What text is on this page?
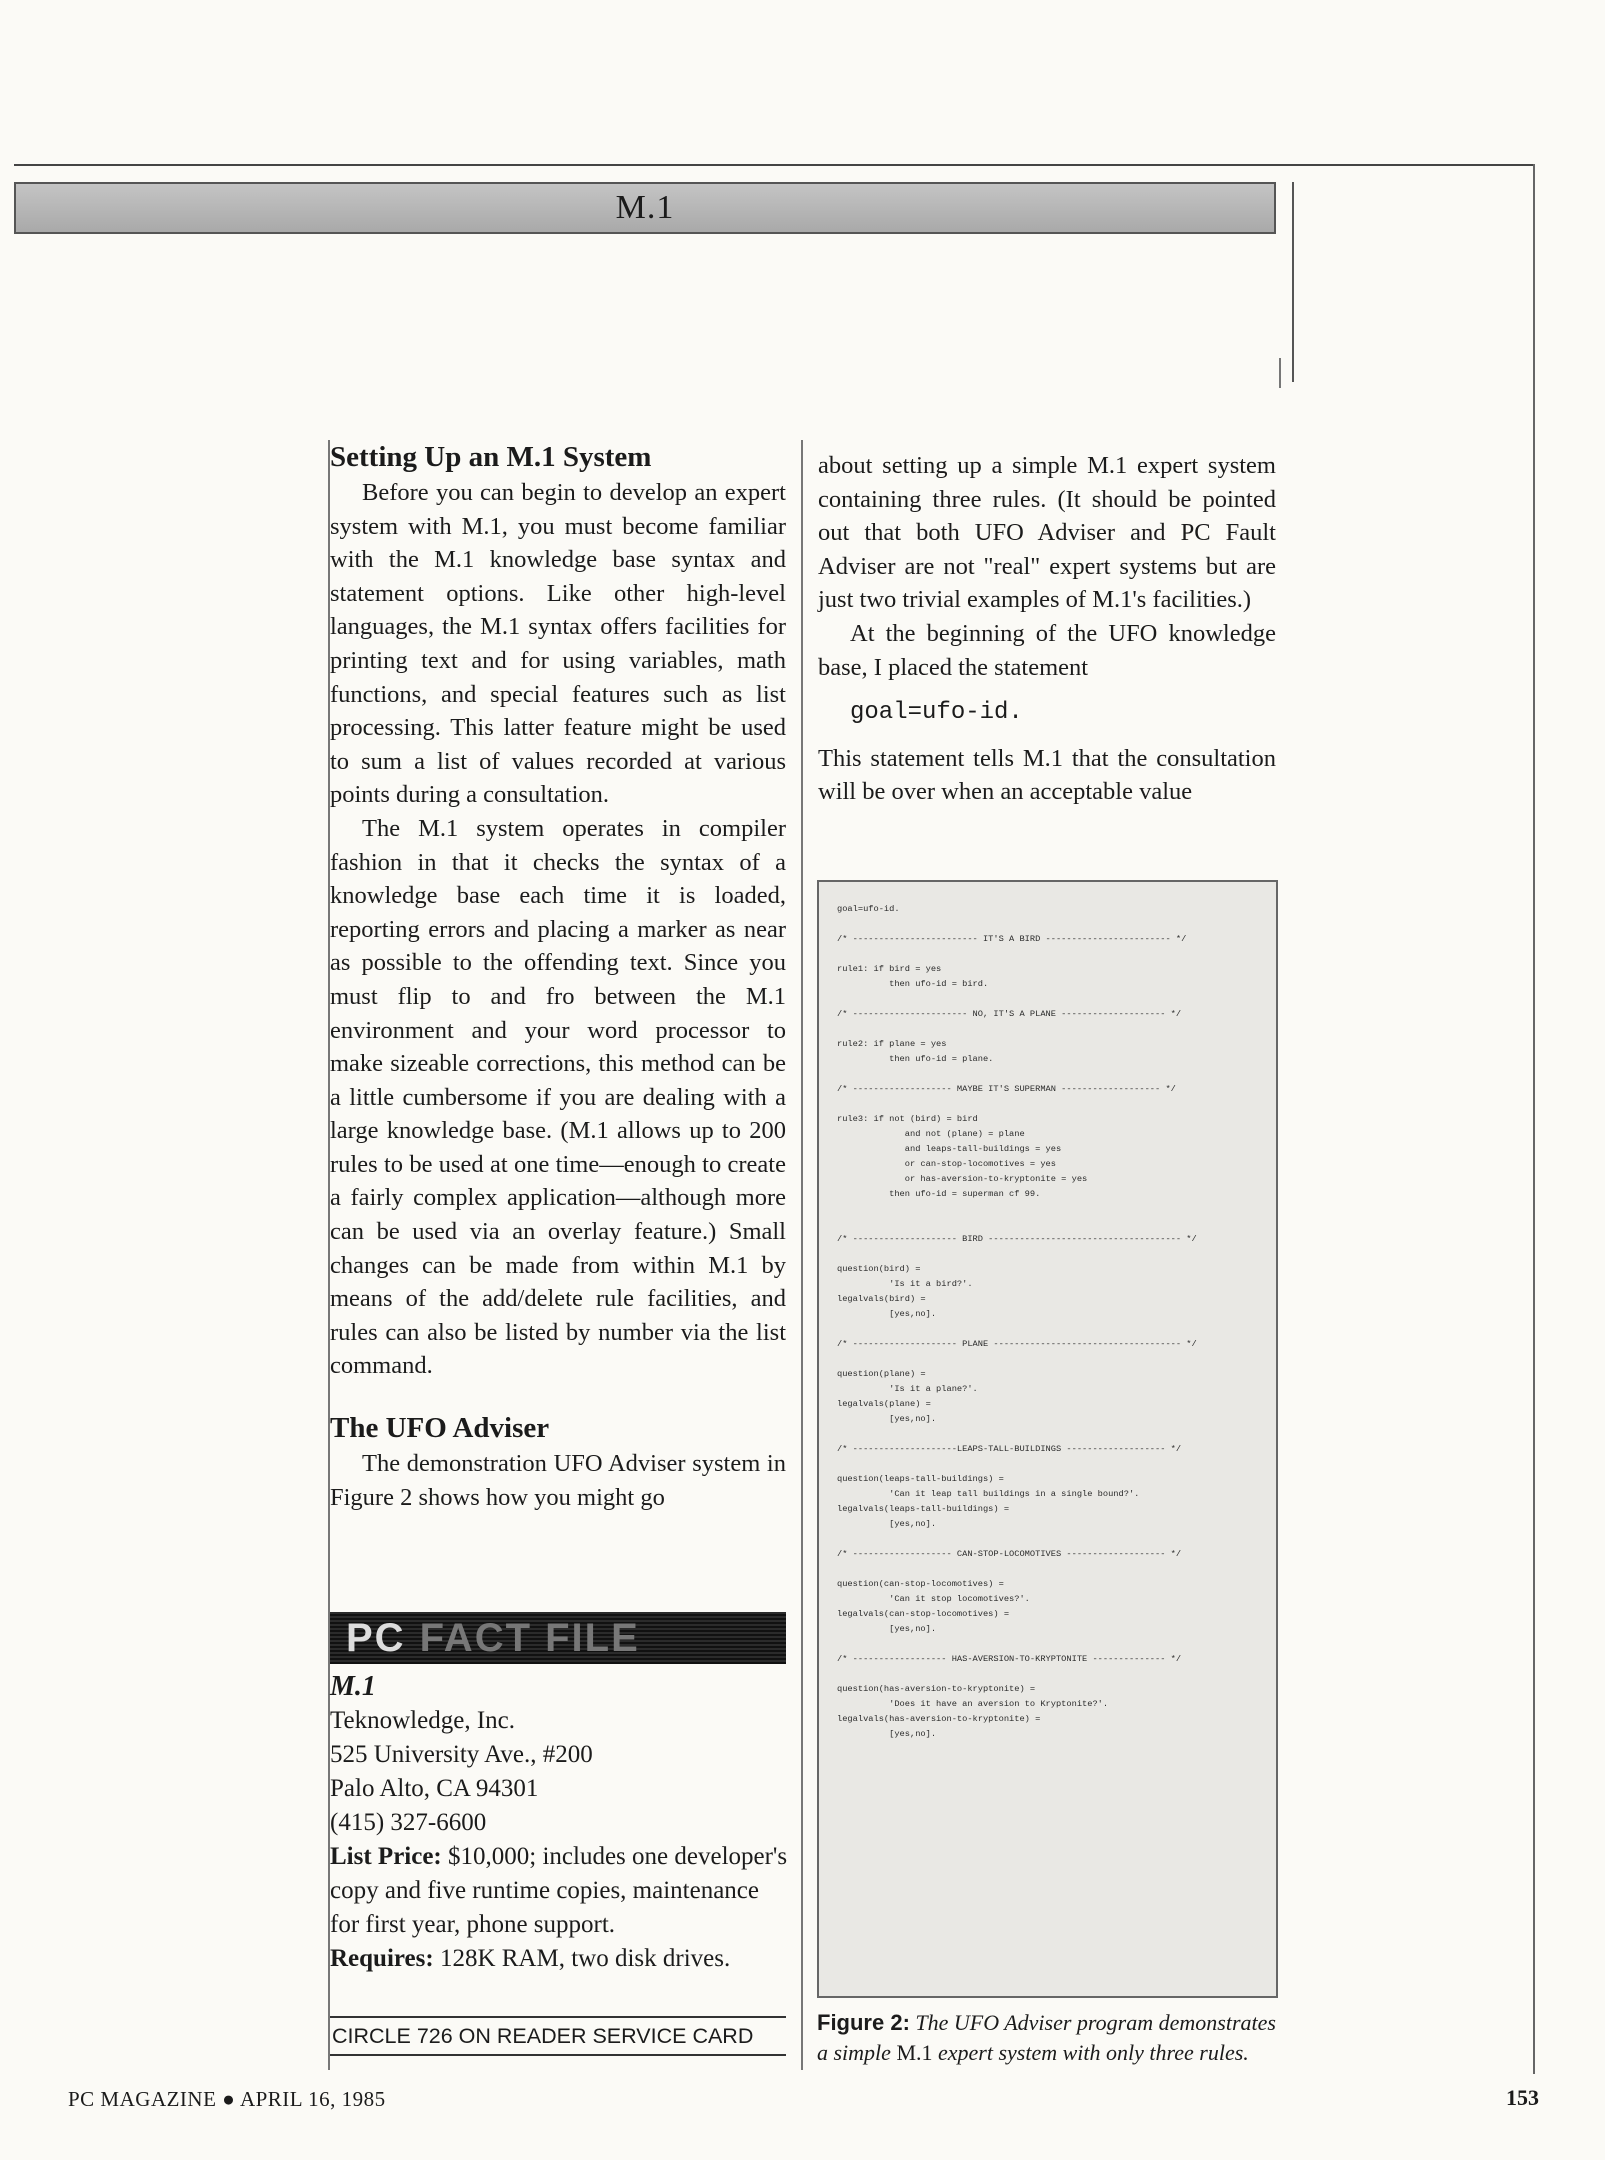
M.1
Setting Up an M.1 System

Before you can begin to develop an expert system with M.1, you must become familiar with the M.1 knowledge base syntax and statement options. Like other high-level languages, the M.1 syntax offers facilities for printing text and for using variables, math functions, and special features such as list processing. This latter feature might be used to sum a list of values recorded at various points during a consultation.

The M.1 system operates in compiler fashion in that it checks the syntax of a knowledge base each time it is loaded, reporting errors and placing a marker as near as possible to the offending text. Since you must flip to and fro between the M.1 environment and your word processor to make sizeable corrections, this method can be a little cumbersome if you are dealing with a large knowledge base. (M.1 allows up to 200 rules to be used at one time—enough to create a fairly complex application—although more can be used via an overlay feature.) Small changes can be made from within M.1 by means of the add/delete rule facilities, and rules can also be listed by number via the list command.

The UFO Adviser

The demonstration UFO Adviser system in Figure 2 shows how you might go

about setting up a simple M.1 expert system containing three rules. (It should be pointed out that both UFO Adviser and PC Fault Adviser are not "real" expert systems but are just two trivial examples of M.1's facilities.)

At the beginning of the UFO knowledge base, I placed the statement

goal=ufo-id.

This statement tells M.1 that the consultation will be over when an acceptable value

PC FACT FILE
M.1
Teknowledge, Inc.
525 University Ave., #200
Palo Alto, CA 94301
(415) 327-6600
List Price: $10,000; includes one developer's copy and five runtime copies, maintenance for first year, phone support.
Requires: 128K RAM, two disk drives.
CIRCLE 726 ON READER SERVICE CARD
goal=ufo-id.

/* ------------------------ IT'S A BIRD ------------------------ */

rule1: if bird = yes
then ufo-id = bird.

/* ---------------------- NO, IT'S A PLANE -------------------- */

rule2: if plane = yes
then ufo-id = plane.

/* ------------------- MAYBE IT'S SUPERMAN ------------------- */

rule3: if not (bird) = bird
and not (plane) = plane
and leaps-tall-buildings = yes
or can-stop-locomotives = yes
or has-aversion-to-kryptonite = yes
then ufo-id = superman cf 99.

/* -------------------- BIRD ------------------------------------- */

question(bird) =
'Is it a bird?'.
legalvals(bird) =
[yes,no].

/* -------------------- PLANE ------------------------------------ */

question(plane) =
'Is it a plane?'.
legalvals(plane) =
[yes,no].

/* --------------------LEAPS-TALL-BUILDINGS ------------------- */

question(leaps-tall-buildings) =
'Can it leap tall buildings in a single bound?'.
legalvals(leaps-tall-buildings) =
[yes,no].

/* ------------------- CAN-STOP-LOCOMOTIVES ------------------- */

question(can-stop-locomotives) =
'Can it stop locomotives?'.
legalvals(can-stop-locomotives) =
[yes,no].

/* ------------------ HAS-AVERSION-TO-KRYPTONITE -------------- */

question(has-aversion-to-kryptonite) =
'Does it have an aversion to Kryptonite?'.
legalvals(has-aversion-to-kryptonite) =
[yes,no].
Figure 2: The UFO Adviser program demonstrates a simple M.1 expert system with only three rules.
PC MAGAZINE ● APRIL 16, 1985	153
